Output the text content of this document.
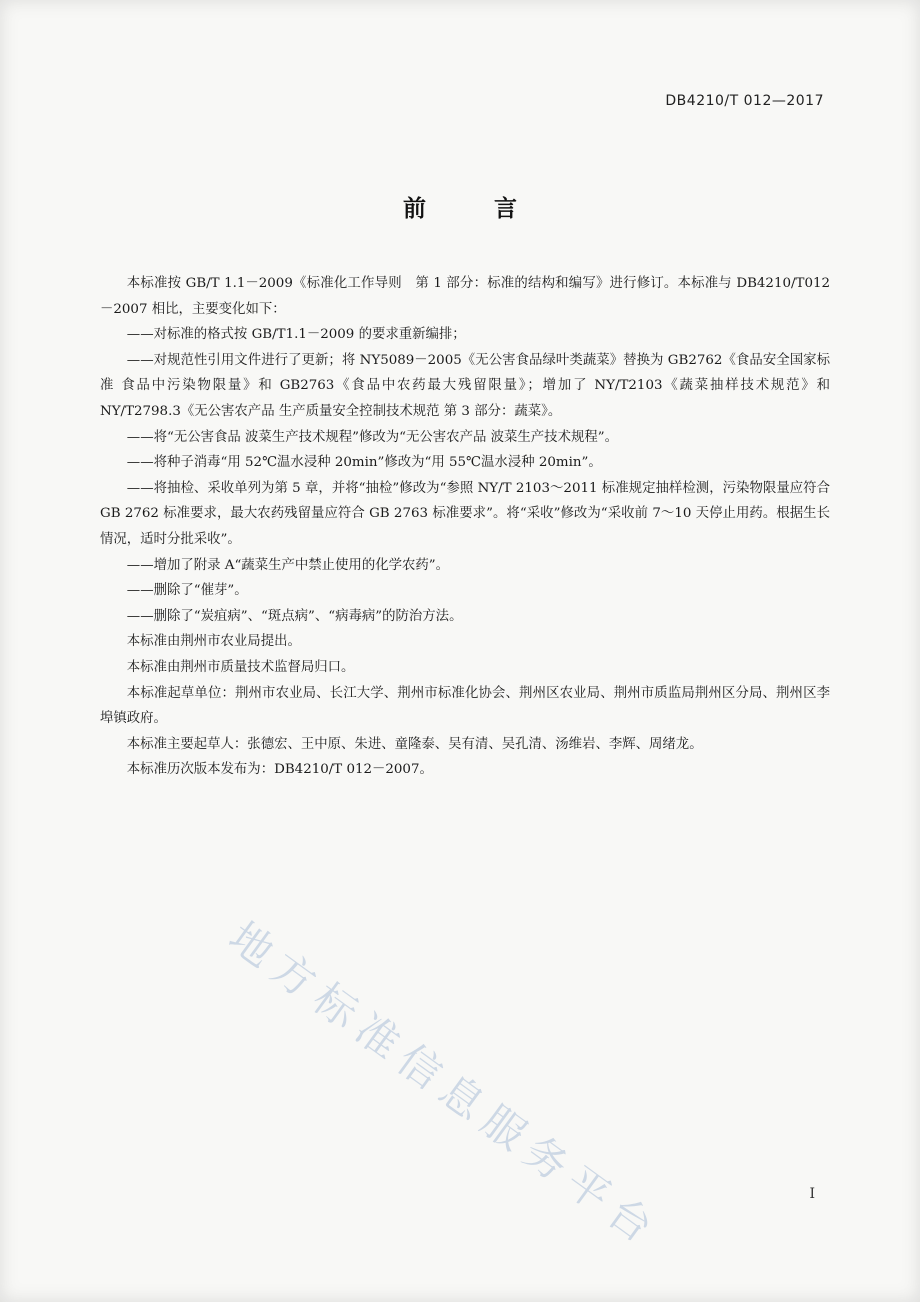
DB4210/T 012—2017
前 言

本标准按 GB/T 1.1－2009《标准化工作导则　第 1 部分：标准的结构和编写》进行修订。本标准与 DB4210/T012－2007 相比，主要变化如下：

——对标准的格式按 GB/T1.1－2009 的要求重新编排；

——对规范性引用文件进行了更新；将 NY5089－2005《无公害食品绿叶类蔬菜》替换为 GB2762《食品安全国家标准 食品中污染物限量》和 GB2763《食品中农药最大残留限量》；增加了 NY/T2103《蔬菜抽样技术规范》和 NY/T2798.3《无公害农产品 生产质量安全控制技术规范 第 3 部分：蔬菜》。

——将“无公害食品 波菜生产技术规程”修改为“无公害农产品 波菜生产技术规程”。

——将种子消毒“用 52℃温水浸种 20min”修改为“用 55℃温水浸种 20min”。

——将抽检、采收单列为第 5 章，并将“抽检”修改为“参照 NY/T 2103～2011 标准规定抽样检测，污染物限量应符合 GB 2762 标准要求，最大农药残留量应符合 GB 2763 标准要求”。将“采收”修改为“采收前 7～10 天停止用药。根据生长情况，适时分批采收”。

——增加了附录 A“蔬菜生产中禁止使用的化学农药”。

——删除了“催芽”。

——删除了“炭疽病”、“斑点病”、“病毒病”的防治方法。

本标准由荆州市农业局提出。

本标准由荆州市质量技术监督局归口。

本标准起草单位：荆州市农业局、长江大学、荆州市标准化协会、荆州区农业局、荆州市质监局荆州区分局、荆州区李埠镇政府。

本标准主要起草人：张德宏、王中原、朱进、童隆泰、吴有清、吴孔清、汤维岩、李辉、周绪龙。

本标准历次版本发布为：DB4210/T 012－2007。

地方标准信息服务平台	I
